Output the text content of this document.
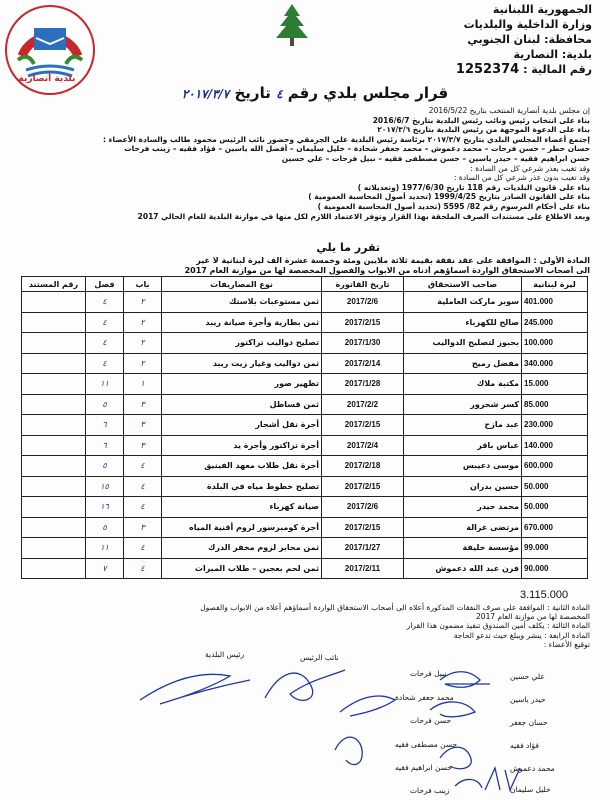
بلدية أنصارية
الجمهورية اللبنانية
وزارة الداخلية والبلديات
محافظة: لبنان الجنوبي
بلدية: النصارية
رقم المالية : 1252374
قرار مجلس بلدي رقم ٤ تاريخ ٢٠١٧/٣/٧
إن مجلس بلدية أنصارية المنتخب بتاريخ 2016/5/22
بناء على انتخاب رئيس ونائب رئيس البلدية بتاريخ 2016/6/7
بناء على الدعوة الموجهة من رئيس البلدية بتاريخ ٢٠١٧/٣/٦
إجتمع أعضاء المجلس البلدي بتاريخ ٢٠١٧/٣/٧ برئاسة رئيس البلدية علي الجرمقي وحضور نائب الرئيس محمود طالب والسادة الأعضاء :
حسان حطر – حسن فرحات – محمد دعموش – محمد جعفر شحادة – خليل سليمان – أفضل الله ياسين – فؤاد فقيه – زينب فرحات
حسن ابراهيم فقيه – حيدر ياسين – حسن مصطفى فقيه – نبيل فرحات – علي حسين
وقد تغيب بعذر شرعي كل من السادة :
وقد تغيب بدون عذر شرعي كل من السادة :
بناء على قانون البلديات رقم 118 تاريخ 1977/6/30 (وتعديلاته )
بناء على القانون الصادر بتاريخ 1999/4/25 (تحديد أصول المحاسبة العمومية )
بناء على أحكام المرسوم رقم 82/ 5595 (تحديد أصول المحاسبة العمومية )
وبعد الاطلاع على مستندات الصرف الملحقة بهذا القرار وتوفر الاعتماد اللازم لكل منها في موازنة البلدية للعام الحالي 2017
تقرر ما يلي
المادة الأولى : الموافقة على عقد نفقة بقيمة ثلاثة ملايين ومئة وخمسة عشرة الف ليرة لبنانية لا غير
الى أصحاب الاستحقاق الواردة أسماؤهم أدناه من الابواب والفصول المخصصة لها من موازنة العام 2017
ليرة لبنانية	صاحب الاستحقاق	تاريخ الفاتورة	نوع المصاريفات	باب	فصل	رقم المستند
401.000	سوبر ماركت العاملية	2017/2/6	ثمن مستوعبات بلاستك	٢	٤	
245.000	صالح للكهرباء	2017/2/15	ثمن بطارية وأجرة صيانة ريبد	٢	٤	
100.000	بحبوز لتصليح الدواليب	2017/1/30	تصليح دواليب تراكتور	٢	٤	
340.000	مفضل رميح	2017/2/14	ثمن دواليب وغيار زيت ريبد	٢	٤	
15.000	مكتبة ملاك	2017/1/28	تظهير صور	١	١١	
85.000	كسر شحرور	2017/2/2	ثمن قساطل	٣	٥	
230.000	عبد مازح	2017/2/15	أجرة نقل أشجار	٣	٦	
140.000	عباس باقر	2017/2/4	أجرة تراكتور وأجرة يد	٣	٦	
600.000	موسى دعيبس	2017/2/18	أجرة نقل طلاب معهد الفينيق	٤	٥	
50.000	حسين بدران	2017/2/15	تصليح خطوط مياه في البلدة	٤	١٥	
50.000	محمد حيدر	2017/2/6	صيانة كهرباء	٤	١٦	
670.000	مرتضى غزالة	2017/2/15	أجرة كومبرسور لزوم أقنية المياه	٣	٥	
99.000	مؤسسة خليفة	2017/1/27	ثمن محابر لزوم مخفر الدرك	٤	١١	
90.000	فرن عبد الله دعموش	2017/2/11	ثمن لحم بعجين – طلاب المبرات	٤	٧	
3.115.000
المادة الثانية : الموافقة على صرف النفقات المذكورة أعلاه الى أصحاب الاستحقاق الواردة أسماؤهم أعلاه من الابواب والفصول
المخصصة لها من موازنة العام 2017
المادة الثالثة : يكلف أمين الصندوق تنفيذ مضمون هذا القرار
المادة الرابعة : ينشر ويبلغ حيث تدعو الحاجة
توقيع الأعضاء :
رئيس البلدية	نائب الرئيس
علي حسين
نبيل فرحات
حيدر ياسين
محمد جعفر شحادة
حسان جعفر
حسن فرحات
فؤاد فقيه
حسن مصطفى فقيه
محمد دعموش
حسن ابراهيم فقيه
خليل سليمان
زينب فرحات
